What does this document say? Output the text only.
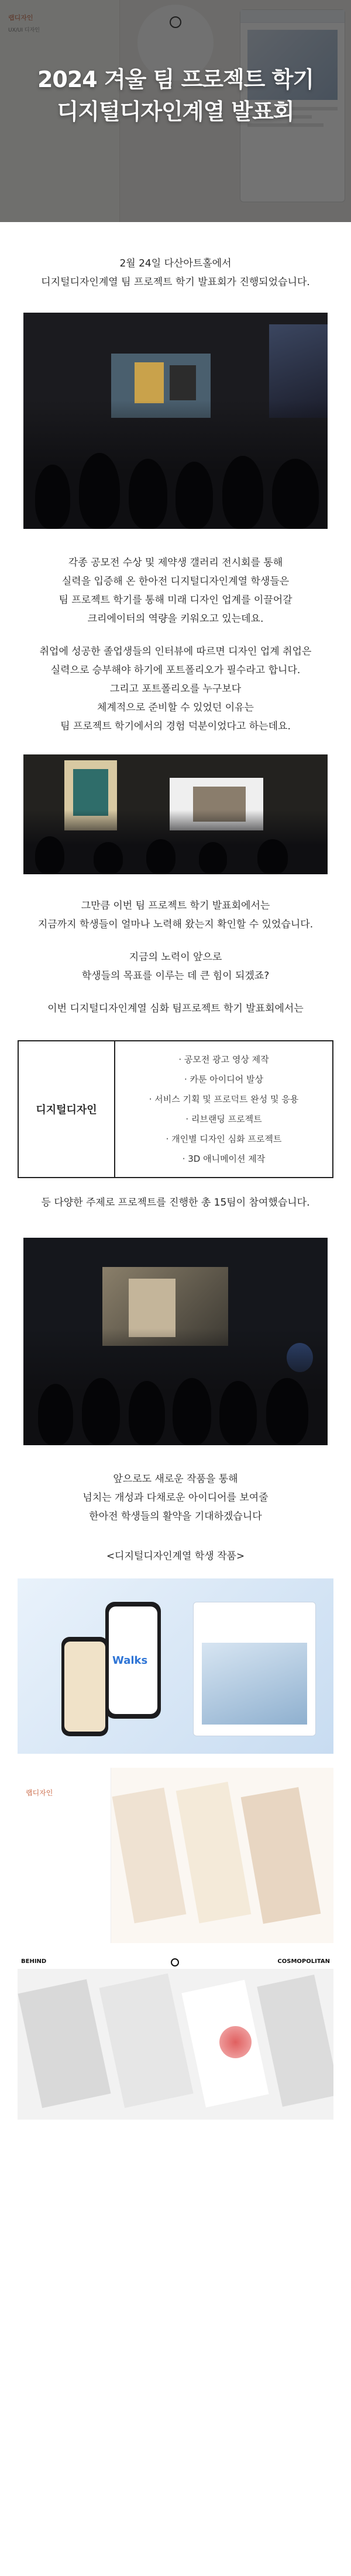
2024 겨울 팀 프로젝트 학기
디지털디자인계열 발표회

2월 24일 다산아트홀에서

디지털디자인계열 팀 프로젝트 학기 발표회가 진행되었습니다.

각종 공모전 수상 및 제약생 갤러리 전시회를 통해

실력을 입증해 온 한아전 디지털디자인계열 학생들은

팀 프로젝트 학기를 통해 미래 디자인 업계를 이끌어갈

크리에이터의 역량을 키워오고 있는데요.

취업에 성공한 졸업생들의 인터뷰에 따르면 디자인 업계 취업은

실력으로 승부해야 하기에 포트폴리오가 필수라고 합니다.

그리고 포트폴리오를 누구보다

체계적으로 준비할 수 있었던 이유는

팀 프로젝트 학기에서의 경험 덕분이었다고 하는데요.

그만큼 이번 팀 프로젝트 학기 발표회에서는

지금까지 학생들이 얼마나 노력해 왔는지 확인할 수 있었습니다.

지금의 노력이 앞으로

학생들의 목표를 이루는 데 큰 힘이 되겠죠?

이번 디지털디자인계열 심화 팀프로젝트 학기 발표회에서는

디지털디자인
· 공모전 광고 영상 제작
· 카툰 아이디어 발상
· 서비스 기획 및 프로덕트 완성 및 응용
· 리브랜딩 프로젝트
· 개인별 디자인 심화 프로젝트
· 3D 애니메이션 제작

등 다양한 주제로 프로젝트를 진행한 총 15팀이 참여했습니다.

앞으로도 새로운 작품을 통해

넘치는 개성과 다채로운 아이디어를 보여줄

한아전 학생들의 활약을 기대하겠습니다

<디지털디자인계열 학생 작품>

Walks
랩디자인
BEHIND	COSMOPOLITAN
